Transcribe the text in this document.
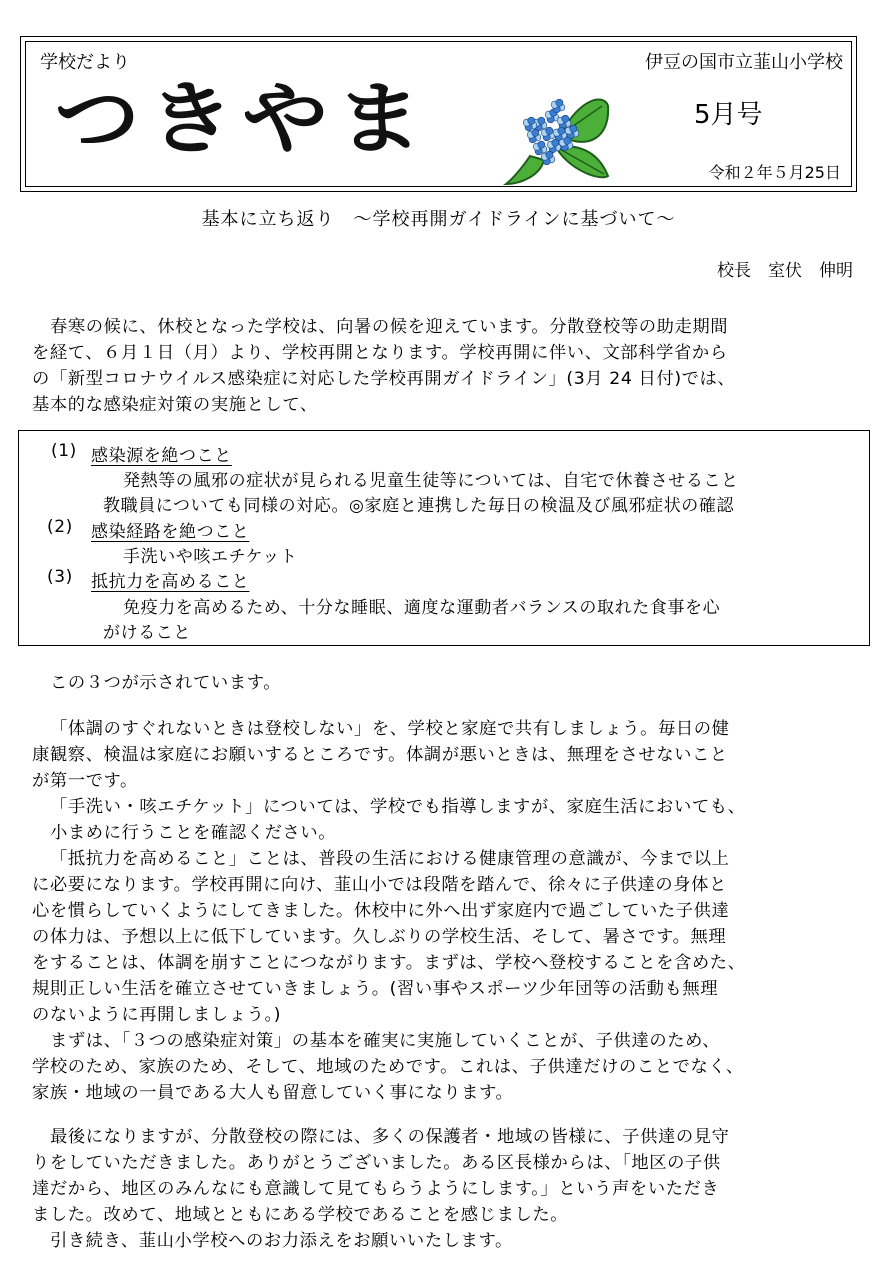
学校だより	伊豆の国市立韮山小学校
つきやま	5月号
令和２年５月25日
基本に立ち返り　～学校再開ガイドラインに基づいて～
校長　室伏　伸明
春寒の候に、休校となった学校は、向暑の候を迎えています。分散登校等の助走期間
を経て、６月１日（月）より、学校再開となります。学校再開に伴い、文部科学省から
の「新型コロナウイルス感染症に対応した学校再開ガイドライン」(3月 24 日付)では、
基本的な感染症対策の実施として、
(1) 感染源を絶つこと
発熱等の風邪の症状が見られる児童生徒等については、自宅で休養させること
教職員についても同様の対応。◎家庭と連携した毎日の検温及び風邪症状の確認
(2) 感染経路を絶つこと
手洗いや咳エチケット
(3) 抵抗力を高めること
免疫力を高めるため、十分な睡眠、適度な運動者バランスの取れた食事を心
がけること
この３つが示されています。
「体調のすぐれないときは登校しない」を、学校と家庭で共有しましょう。毎日の健
康観察、検温は家庭にお願いするところです。体調が悪いときは、無理をさせないこと
が第一です。
「手洗い・咳エチケット」については、学校でも指導しますが、家庭生活においても、
小まめに行うことを確認ください。
「抵抗力を高めること」ことは、普段の生活における健康管理の意識が、今まで以上
に必要になります。学校再開に向け、韮山小では段階を踏んで、徐々に子供達の身体と
心を慣らしていくようにしてきました。休校中に外へ出ず家庭内で過ごしていた子供達
の体力は、予想以上に低下しています。久しぶりの学校生活、そして、暑さです。無理
をすることは、体調を崩すことにつながります。まずは、学校へ登校することを含めた、
規則正しい生活を確立させていきましょう。(習い事やスポーツ少年団等の活動も無理
のないように再開しましょう。)
まずは、「３つの感染症対策」の基本を確実に実施していくことが、子供達のため、
学校のため、家族のため、そして、地域のためです。これは、子供達だけのことでなく、
家族・地域の一員である大人も留意していく事になります。
最後になりますが、分散登校の際には、多くの保護者・地域の皆様に、子供達の見守
りをしていただきました。ありがとうございました。ある区長様からは、「地区の子供
達だから、地区のみんなにも意識して見てもらうようにします。」という声をいただき
ました。改めて、地域とともにある学校であることを感じました。
引き続き、韮山小学校へのお力添えをお願いいたします。
